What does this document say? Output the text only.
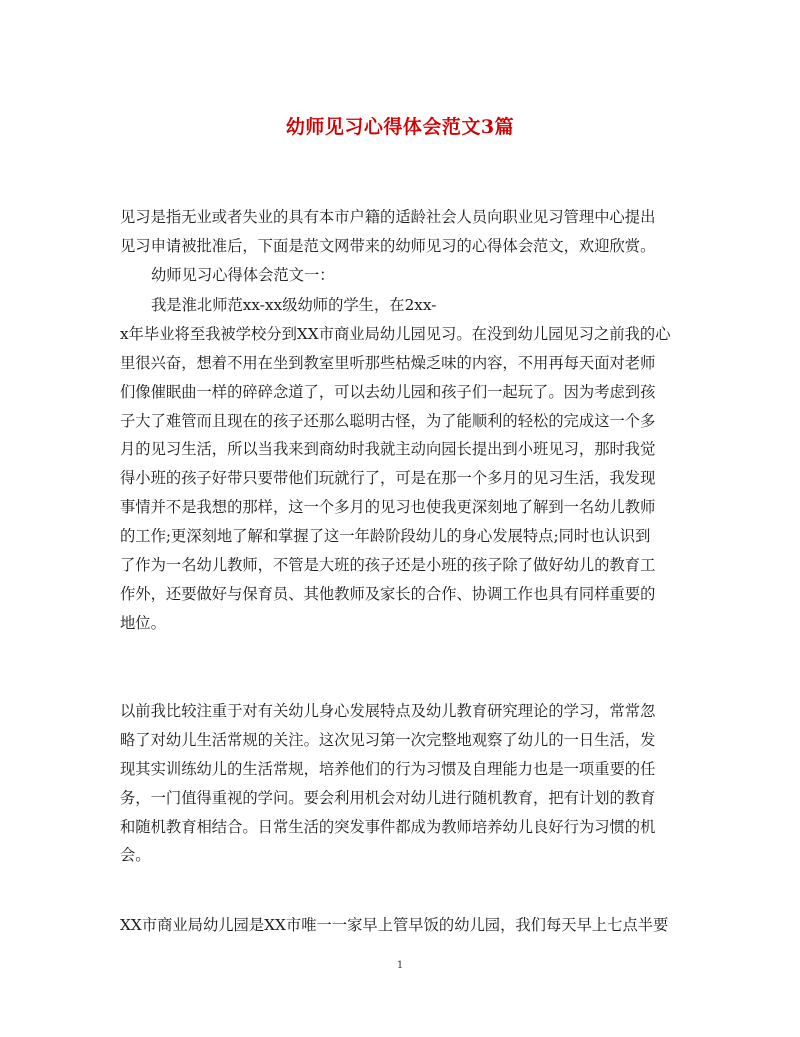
幼师见习心得体会范文3篇
见习是指无业或者失业的具有本市户籍的适龄社会人员向职业见习管理中心提出
见习申请被批准后，下面是范文网带来的幼师见习的心得体会范文，欢迎欣赏。
幼师见习心得体会范文一：
我是淮北师范xx-xx级幼师的学生，在2xx-
x年毕业将至我被学校分到XX市商业局幼儿园见习。在没到幼儿园见习之前我的心
里很兴奋，想着不用在坐到教室里听那些枯燥乏味的内容，不用再每天面对老师
们像催眠曲一样的碎碎念道了，可以去幼儿园和孩子们一起玩了。因为考虑到孩
子大了难管而且现在的孩子还那么聪明古怪，为了能顺利的轻松的完成这一个多
月的见习生活，所以当我来到商幼时我就主动向园长提出到小班见习，那时我觉
得小班的孩子好带只要带他们玩就行了，可是在那一个多月的见习生活，我发现
事情并不是我想的那样，这一个多月的见习也使我更深刻地了解到一名幼儿教师
的工作;更深刻地了解和掌握了这一年龄阶段幼儿的身心发展特点;同时也认识到
了作为一名幼儿教师，不管是大班的孩子还是小班的孩子除了做好幼儿的教育工
作外，还要做好与保育员、其他教师及家长的合作、协调工作也具有同样重要的
地位。
以前我比较注重于对有关幼儿身心发展特点及幼儿教育研究理论的学习，常常忽
略了对幼儿生活常规的关注。这次见习第一次完整地观察了幼儿的一日生活，发
现其实训练幼儿的生活常规，培养他们的行为习惯及自理能力也是一项重要的任
务，一门值得重视的学问。要会利用机会对幼儿进行随机教育，把有计划的教育
和随机教育相结合。日常生活的突发事件都成为教师培养幼儿良好行为习惯的机
会。
XX市商业局幼儿园是XX市唯一一家早上管早饭的幼儿园，我们每天早上七点半要
1
